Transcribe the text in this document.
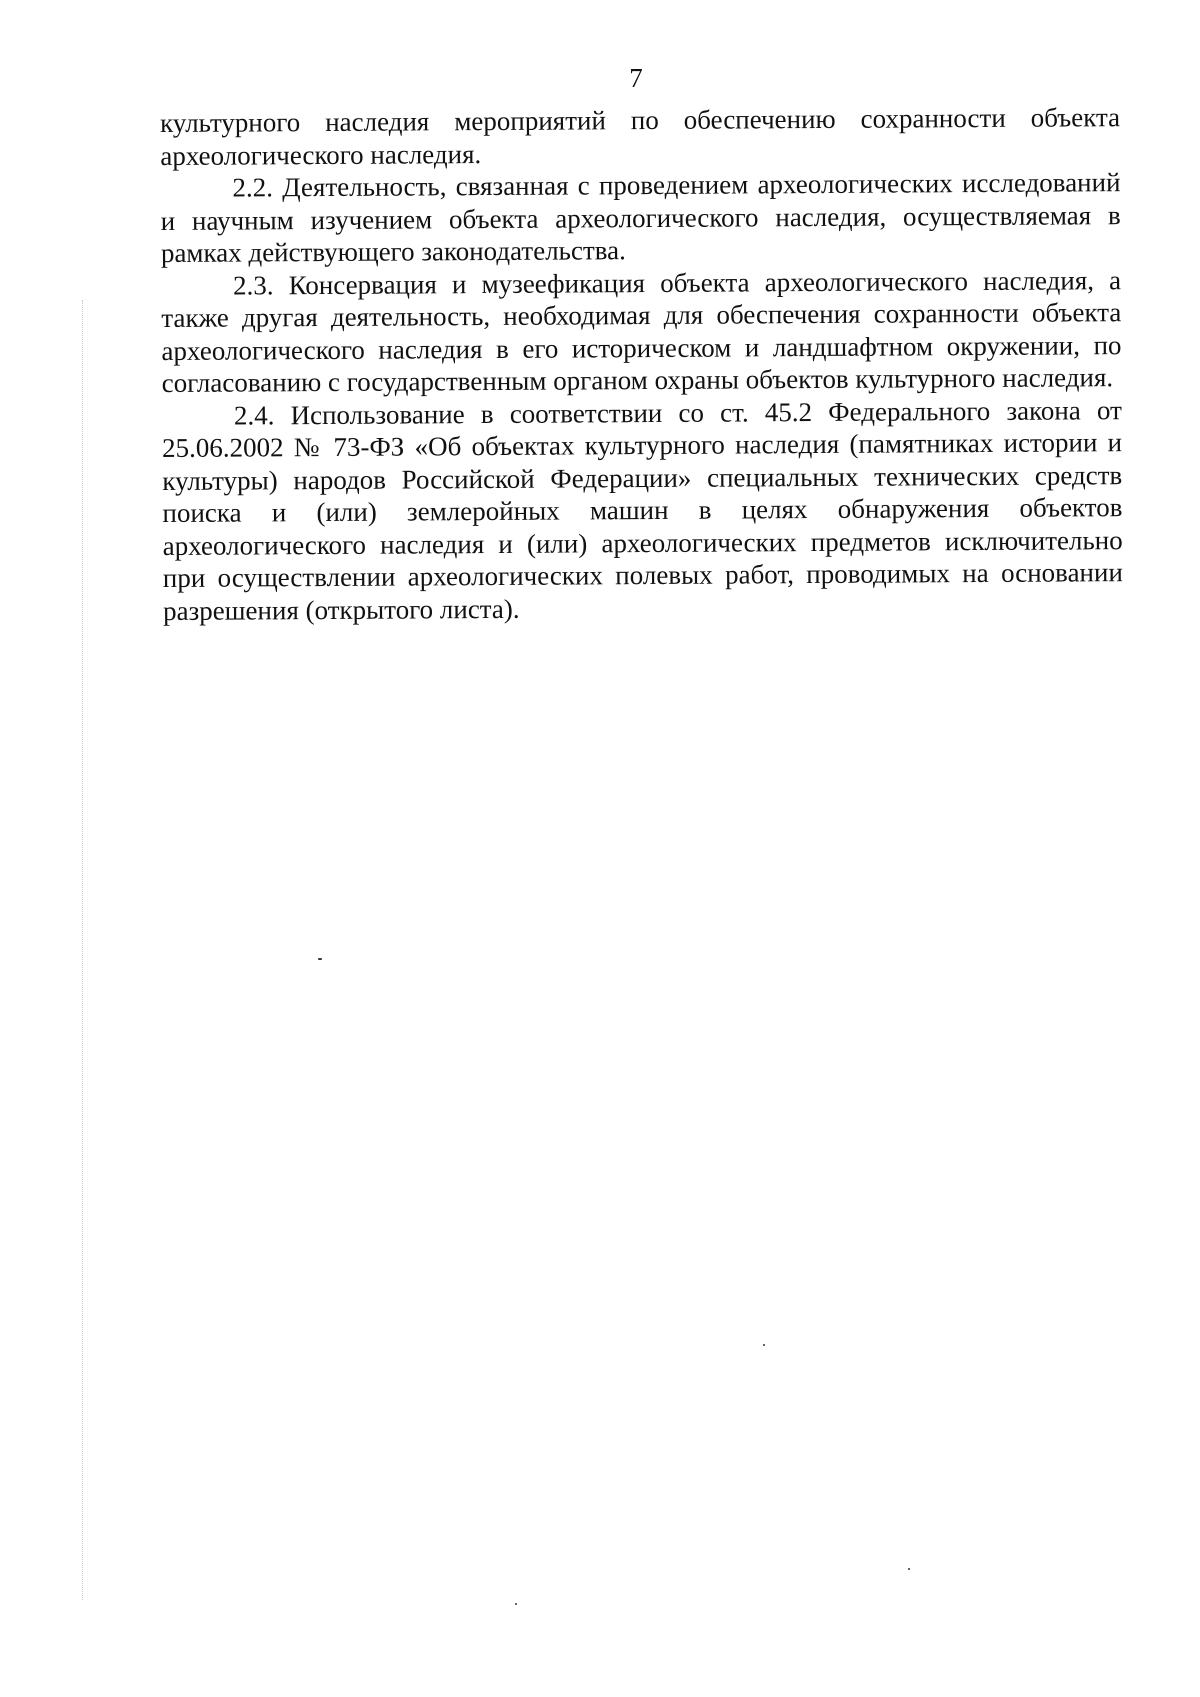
7

культурного наследия мероприятий по обеспечению сохранности объекта археологического наследия.

2.2. Деятельность, связанная с проведением археологических исследований и научным изучением объекта археологического наследия, осуществляемая в рамках действующего законодательства.

2.3. Консервация и музеефикация объекта археологического наследия, а также другая деятельность, необходимая для обеспечения сохранности объекта археологического наследия в его историческом и ландшафтном окружении, по согласованию с государственным органом охраны объектов культурного наследия.

2.4. Использование в соответствии со ст. 45.2 Федерального закона от 25.06.2002 № 73-ФЗ «Об объектах культурного наследия (памятниках истории и культуры) народов Российской Федерации» специальных технических средств поиска и (или) землеройных машин в целях обнаружения объектов археологического наследия и (или) археологических предметов исключительно при осуществлении археологических полевых работ, проводимых на основании разрешения (открытого листа).
